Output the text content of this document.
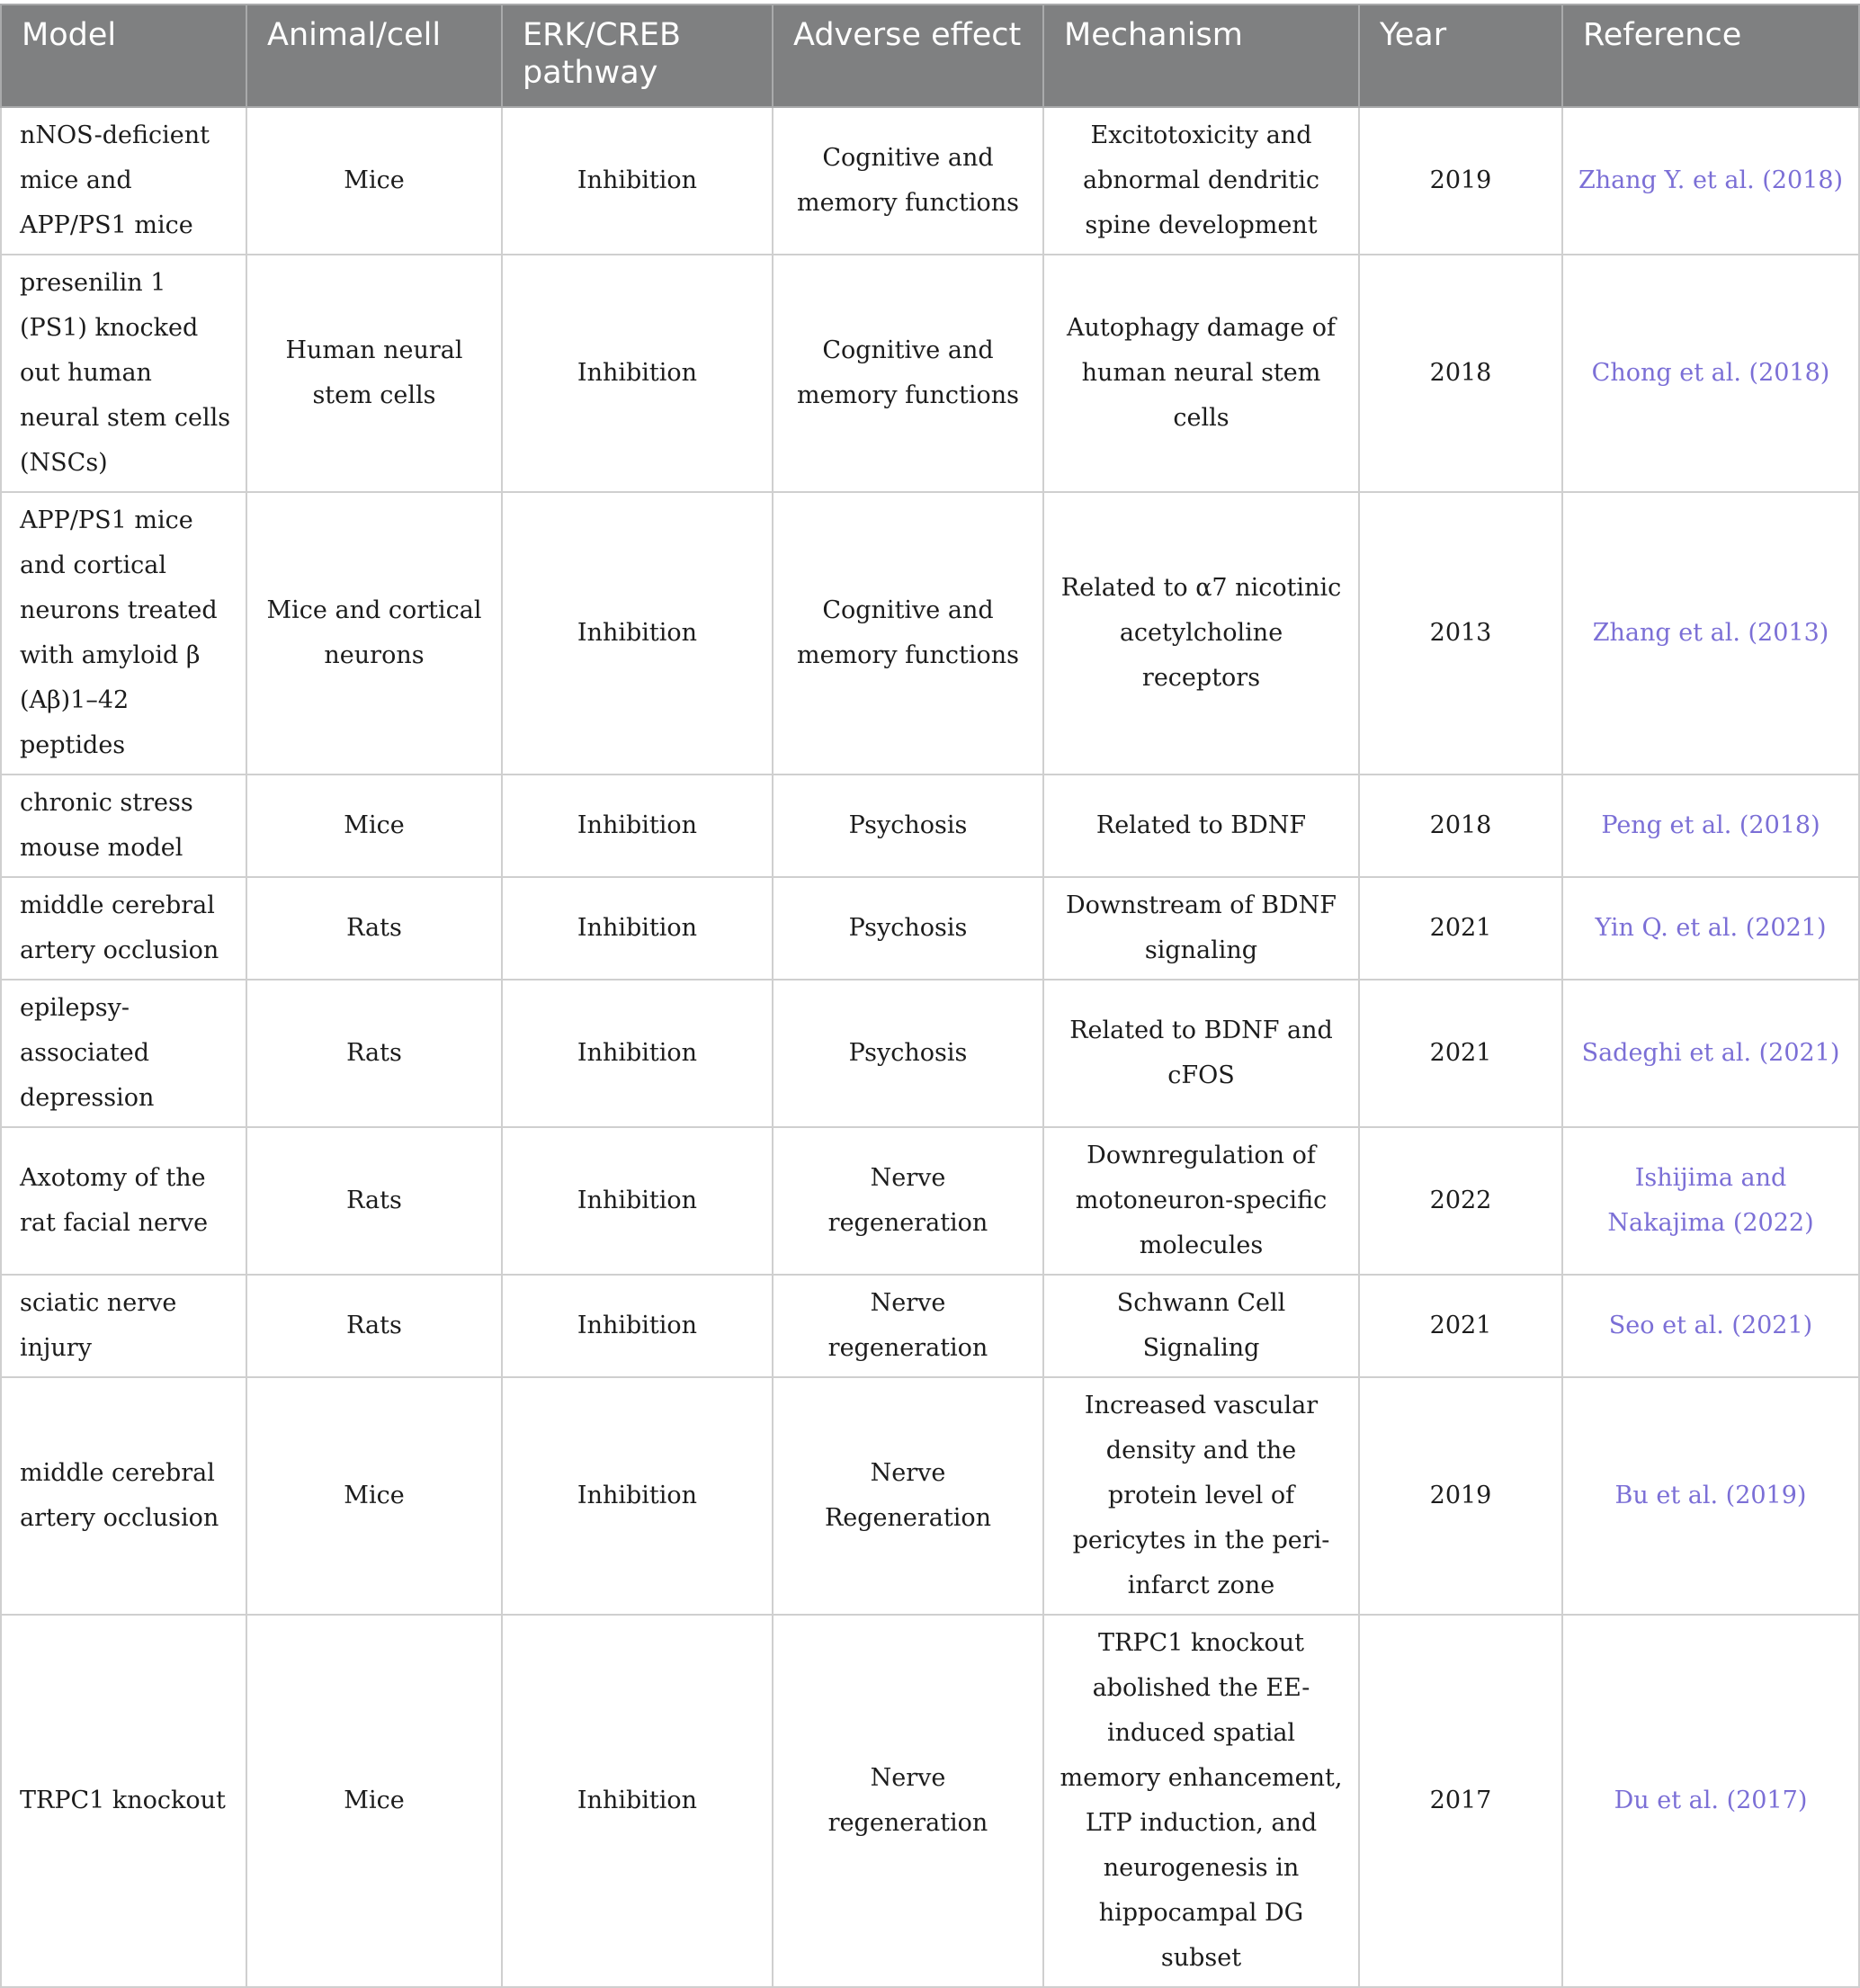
Model	Animal/cell	ERK/CREB pathway	Adverse effect	Mechanism	Year	Reference
nNOS-deficient mice and APP/PS1 mice	Mice	Inhibition	Cognitive and memory functions	Excitotoxicity and abnormal dendritic spine development	2019	Zhang Y. et al. (2018)
presenilin 1 (PS1) knocked out human neural stem cells (NSCs)	Human neural stem cells	Inhibition	Cognitive and memory functions	Autophagy damage of human neural stem cells	2018	Chong et al. (2018)
APP/PS1 mice and cortical neurons treated with amyloid β (Aβ)1–42 peptides	Mice and cortical neurons	Inhibition	Cognitive and memory functions	Related to α7 nicotinic acetylcholine receptors	2013	Zhang et al. (2013)
chronic stress mouse model	Mice	Inhibition	Psychosis	Related to BDNF	2018	Peng et al. (2018)
middle cerebral artery occlusion	Rats	Inhibition	Psychosis	Downstream of BDNF signaling	2021	Yin Q. et al. (2021)
epilepsy-associated depression	Rats	Inhibition	Psychosis	Related to BDNF and cFOS	2021	Sadeghi et al. (2021)
Axotomy of the rat facial nerve	Rats	Inhibition	Nerve regeneration	Downregulation of motoneuron-specific molecules	2022	Ishijima and Nakajima (2022)
sciatic nerve injury	Rats	Inhibition	Nerve regeneration	Schwann Cell Signaling	2021	Seo et al. (2021)
middle cerebral artery occlusion	Mice	Inhibition	Nerve Regeneration	Increased vascular density and the protein level of pericytes in the peri-infarct zone	2019	Bu et al. (2019)
TRPC1 knockout	Mice	Inhibition	Nerve regeneration	TRPC1 knockout abolished the EE-induced spatial memory enhancement, LTP induction, and neurogenesis in hippocampal DG subset	2017	Du et al. (2017)
